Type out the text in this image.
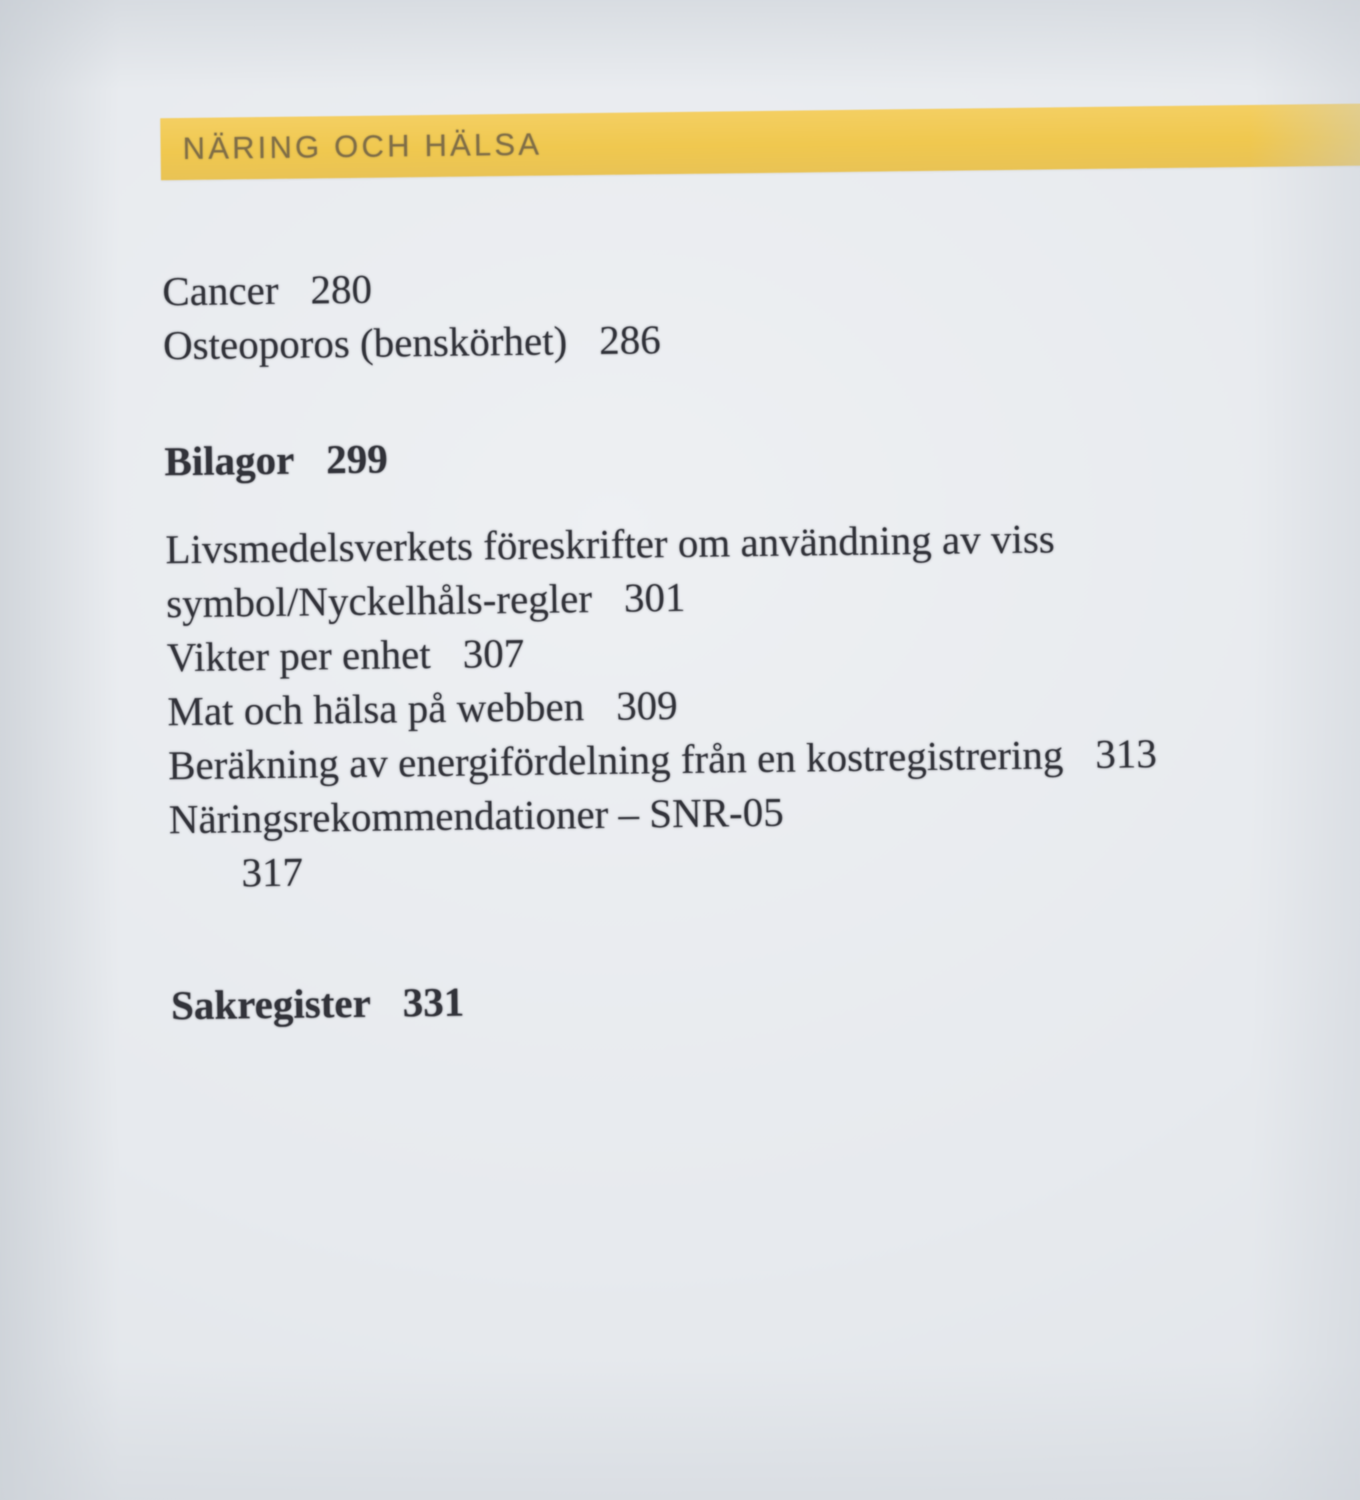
NÄRING OCH HÄLSA

Cancer 280

Osteoporos (benskörhet) 286

Bilagor 299

Livsmedelsverkets föreskrifter om användning av viss symbol/Nyckelhåls-regler 301

Vikter per enhet 307

Mat och hälsa på webben 309

Beräkning av energifördelning från en kostregistrering 313

Näringsrekommendationer – SNR-05

317

Sakregister 331
